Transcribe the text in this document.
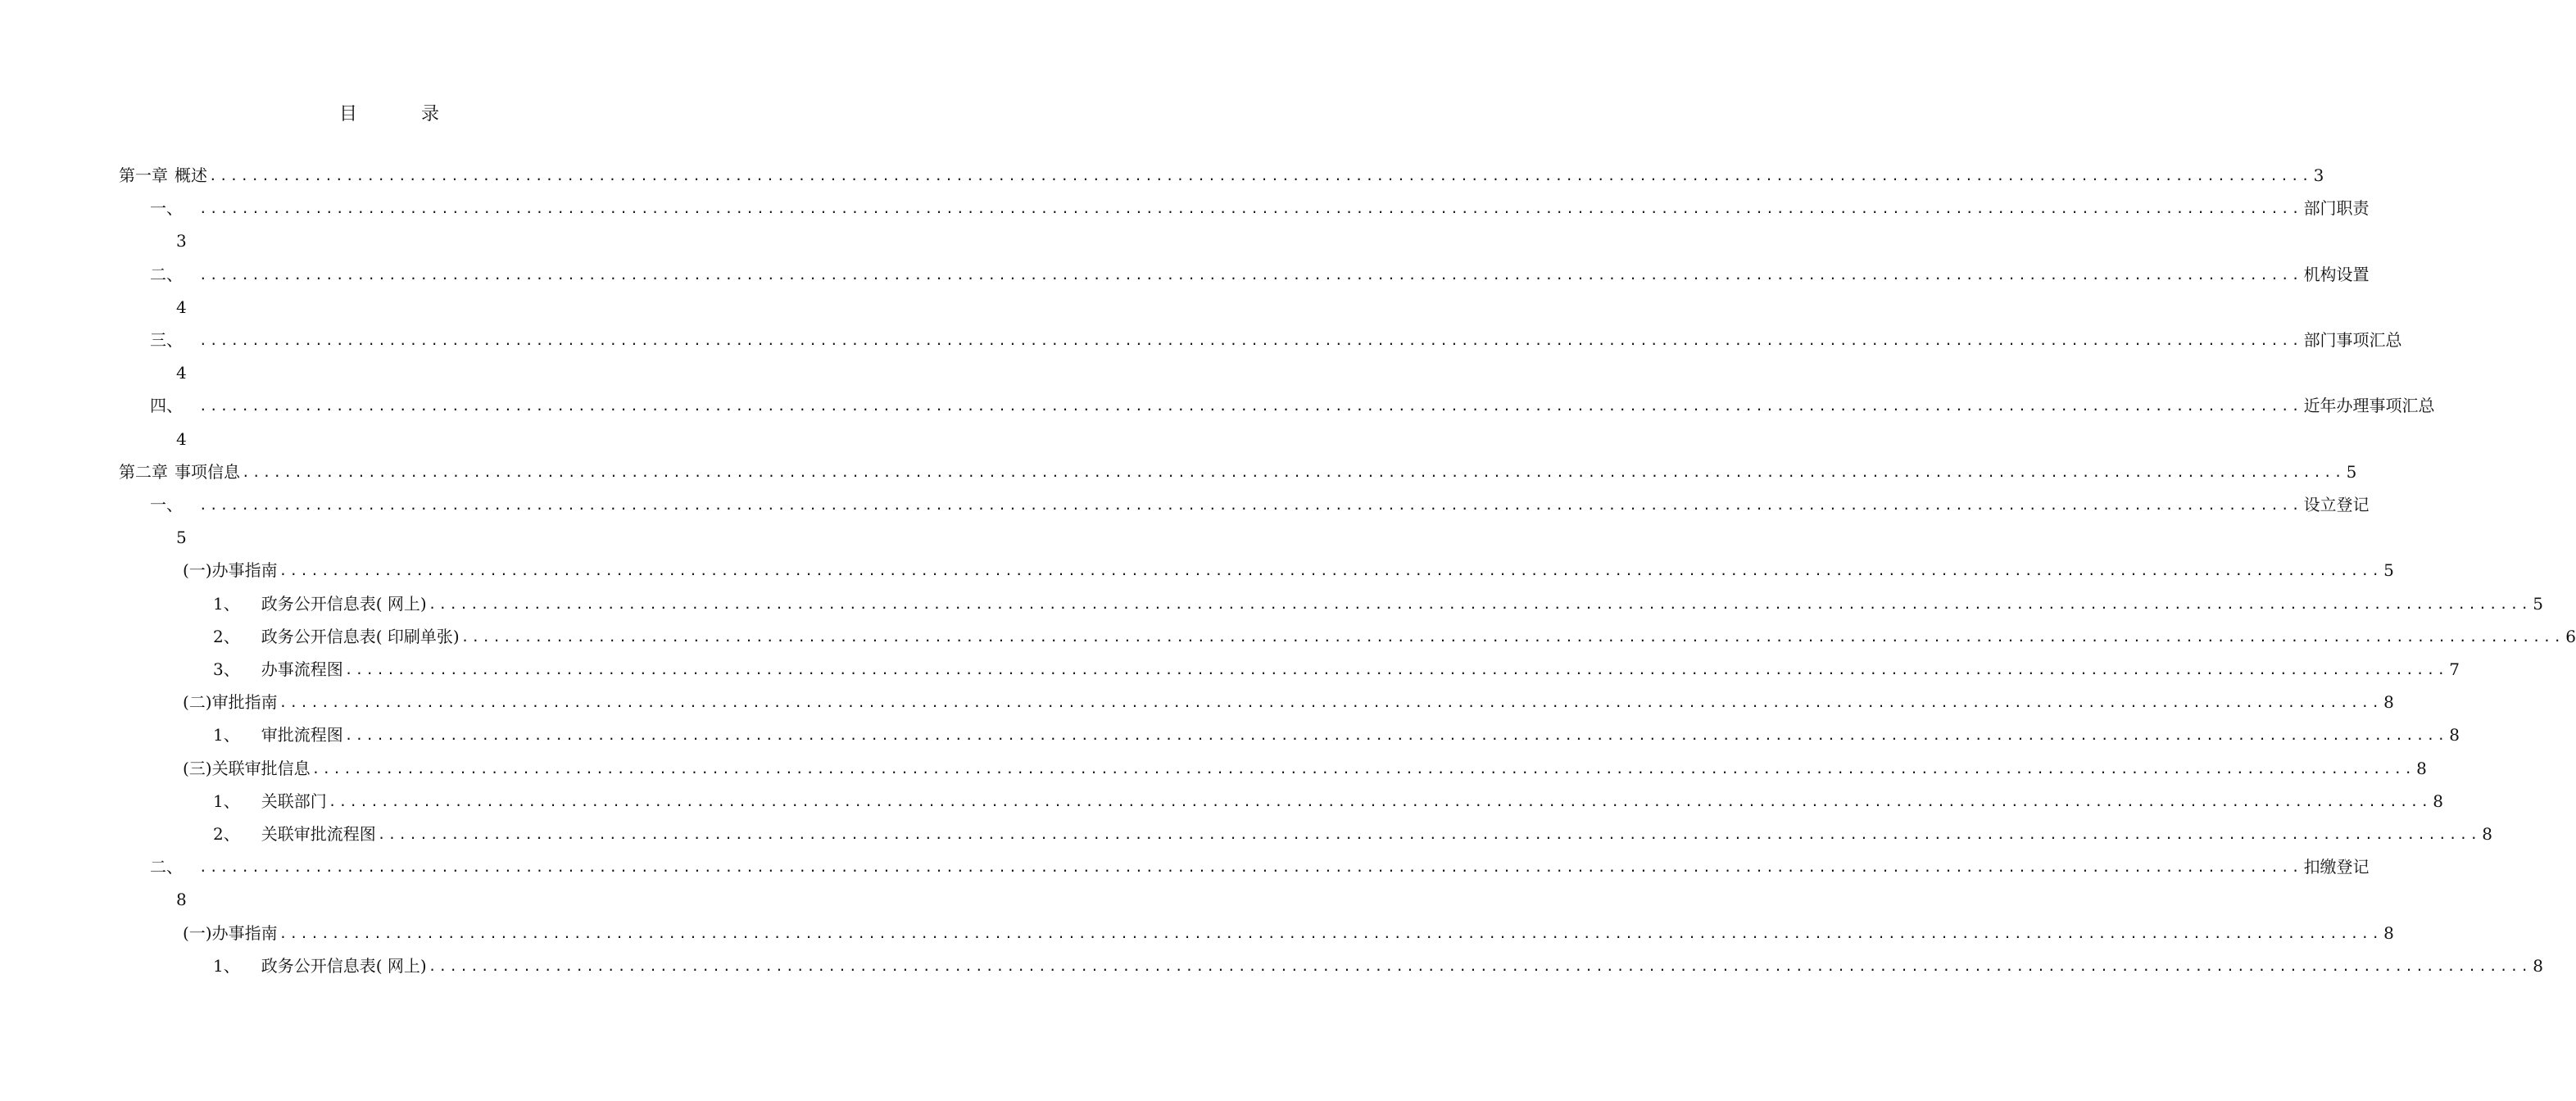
目	录
第一章 概述 ........................................................................................................................................................................................................ 3
一、 ........................................................................................................................................................................................................ 部门职责
3
二、 ........................................................................................................................................................................................................ 机构设置
4
三、 ........................................................................................................................................................................................................ 部门事项汇总
4
四、 ........................................................................................................................................................................................................ 近年办理事项汇总
4
第二章 事项信息 ........................................................................................................................................................................................................ 5
一、 ........................................................................................................................................................................................................ 设立登记
5
(一) 办事指南 ........................................................................................................................................................................................................ 5
1、 政务公开信息表( 网上) ........................................................................................................................................................................................................ 5
2、 政务公开信息表( 印刷单张) ........................................................................................................................................................................................................ 6
3、 办事流程图 ........................................................................................................................................................................................................ 7
(二) 审批指南 ........................................................................................................................................................................................................ 8
1、 审批流程图 ........................................................................................................................................................................................................ 8
(三) 关联审批信息 ........................................................................................................................................................................................................ 8
1、 关联部门 ........................................................................................................................................................................................................ 8
2、 关联审批流程图 ........................................................................................................................................................................................................ 8
二、 ........................................................................................................................................................................................................ 扣缴登记
8
(一) 办事指南 ........................................................................................................................................................................................................ 8
1、 政务公开信息表( 网上) ........................................................................................................................................................................................................ 8
